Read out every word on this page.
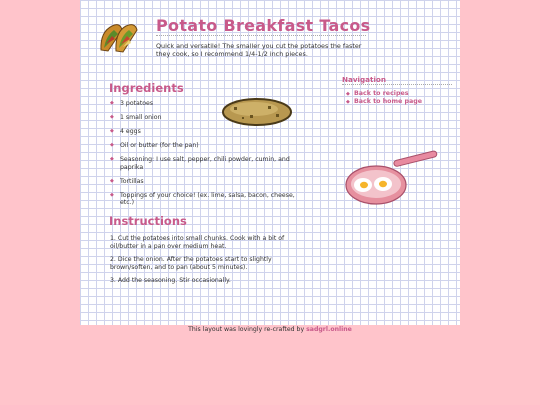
Potato Breakfast Tacos

Quick and versatile! The smaller you cut the potatoes the faster they cook, so I recommend 1/4-1/2 inch pieces.

Ingredients
◆ 3 potatoes
◆ 1 small onion
◆ 4 eggs
◆ Oil or butter (for the pan)
◆ Seasoning: I use salt, pepper, chili powder, cumin, and paprika
◆ Tortillas
◆ Toppings of your choice! (ex. lime, salsa, bacon, cheese, etc.)
Instructions

1. Cut the potatoes into small chunks. Cook with a bit of oil/butter in a pan over medium heat.

2. Dice the onion. After the potatoes start to slightly brown/soften, and to pan (about 5 minutes).

3. Add the seasoning. Stir occasionally.

Navigation
◆ Back to recipes
◆ Back to home page
This layout was lovingly re-crafted by sadgrl.online
